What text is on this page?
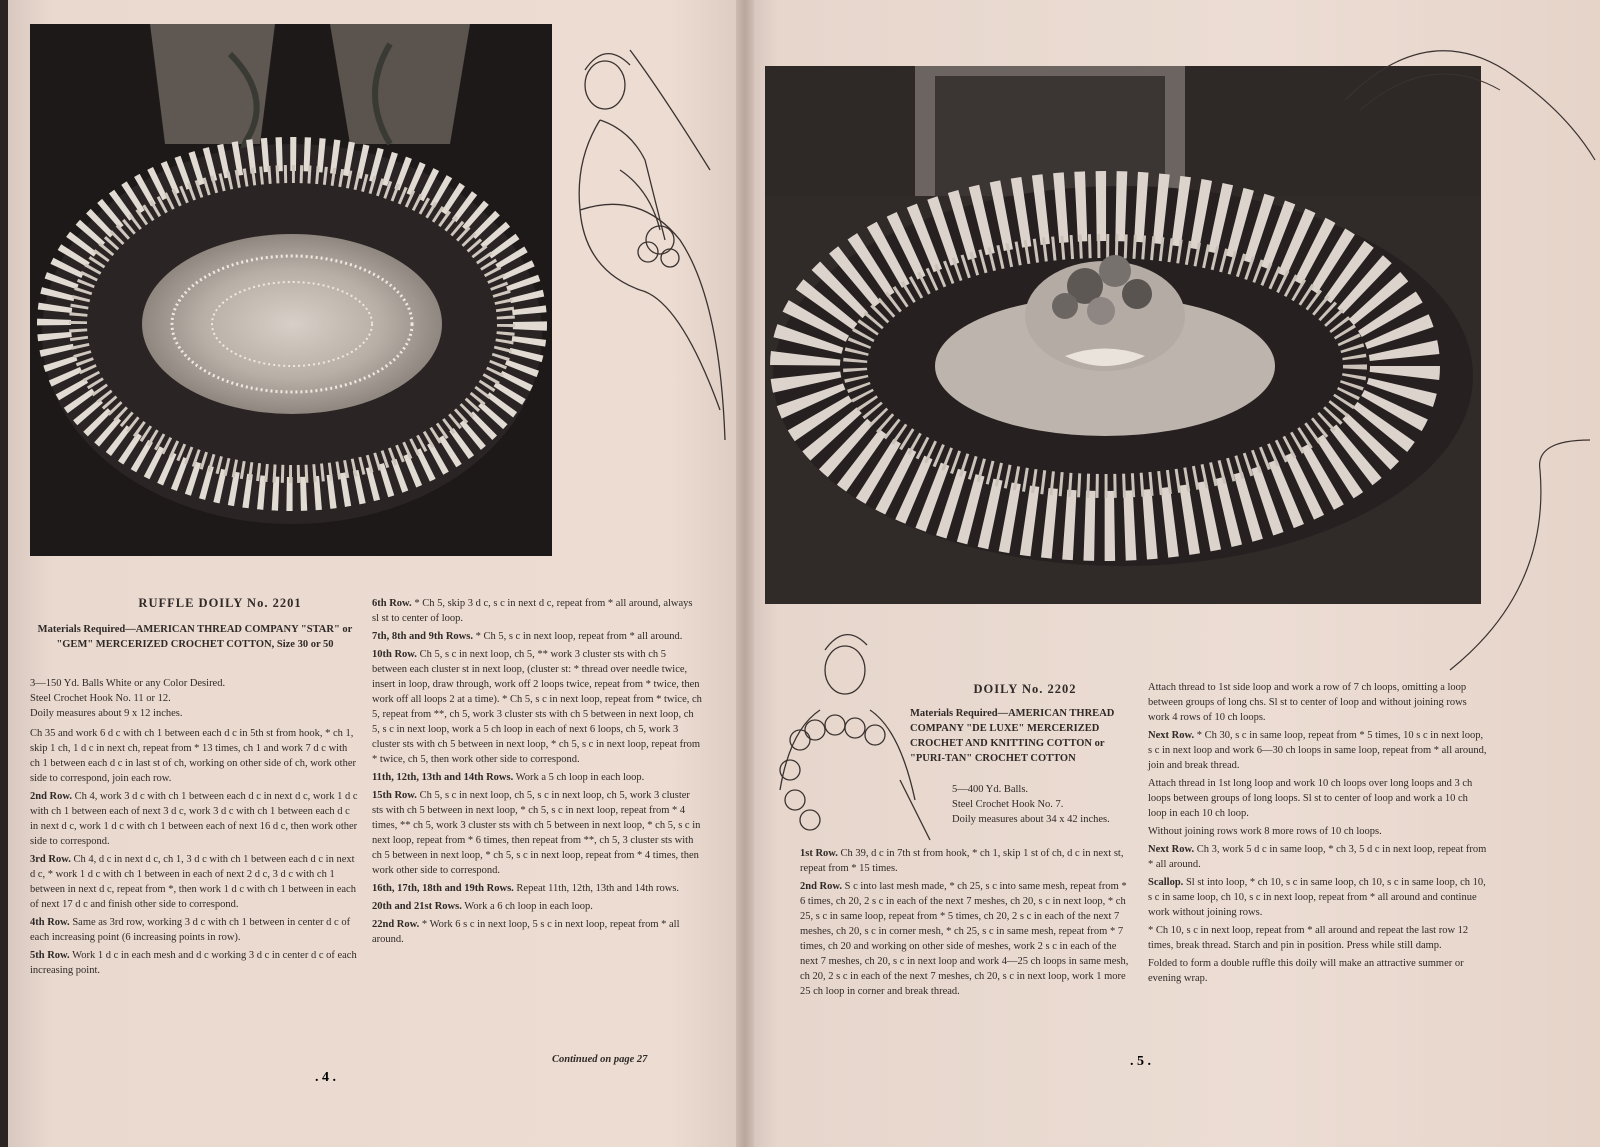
RUFFLE DOILY No. 2201
Materials Required—AMERICAN THREAD COMPANY "STAR" or "GEM" MERCERIZED CROCHET COTTON, Size 30 or 50
3—150 Yd. Balls White or any Color Desired.
Steel Crochet Hook No. 11 or 12.
Doily measures about 9 x 12 inches.

Ch 35 and work 6 d c with ch 1 between each d c in 5th st from hook, * ch 1, skip 1 ch, 1 d c in next ch, repeat from * 13 times, ch 1 and work 7 d c with ch 1 between each d c in last st of ch, working on other side of ch, work other side to correspond, join each row.

2nd Row. Ch 4, work 3 d c with ch 1 between each d c in next d c, work 1 d c with ch 1 between each of next 3 d c, work 3 d c with ch 1 between each d c in next d c, work 1 d c with ch 1 between each of next 16 d c, then work other side to correspond.

3rd Row. Ch 4, d c in next d c, ch 1, 3 d c with ch 1 between each d c in next d c, * work 1 d c with ch 1 between in each of next 2 d c, 3 d c with ch 1 between in next d c, repeat from *, then work 1 d c with ch 1 between in each of next 17 d c and finish other side to correspond.

4th Row. Same as 3rd row, working 3 d c with ch 1 between in center d c of each increasing point (6 increasing points in row).

5th Row. Work 1 d c in each mesh and d c working 3 d c in center d c of each increasing point.

6th Row. * Ch 5, skip 3 d c, s c in next d c, repeat from * all around, always sl st to center of loop.

7th, 8th and 9th Rows. * Ch 5, s c in next loop, repeat from * all around.

10th Row. Ch 5, s c in next loop, ch 5, ** work 3 cluster sts with ch 5 between each cluster st in next loop, (cluster st: * thread over needle twice, insert in loop, draw through, work off 2 loops twice, repeat from * twice, then work off all loops 2 at a time). * Ch 5, s c in next loop, repeat from * twice, ch 5, repeat from **, ch 5, work 3 cluster sts with ch 5 between in next loop, ch 5, s c in next loop, work a 5 ch loop in each of next 6 loops, ch 5, work 3 cluster sts with ch 5 between in next loop, * ch 5, s c in next loop, repeat from * twice, ch 5, then work other side to correspond.

11th, 12th, 13th and 14th Rows. Work a 5 ch loop in each loop.

15th Row. Ch 5, s c in next loop, ch 5, s c in next loop, ch 5, work 3 cluster sts with ch 5 between in next loop, * ch 5, s c in next loop, repeat from * 4 times, ** ch 5, work 3 cluster sts with ch 5 between in next loop, * ch 5, s c in next loop, repeat from * 6 times, then repeat from **, ch 5, 3 cluster sts with ch 5 between in next loop, * ch 5, s c in next loop, repeat from * 4 times, then work other side to correspond.

16th, 17th, 18th and 19th Rows. Repeat 11th, 12th, 13th and 14th rows.

20th and 21st Rows. Work a 6 ch loop in each loop.

22nd Row. * Work 6 s c in next loop, 5 s c in next loop, repeat from * all around.

Continued on page 27
. 4 .
DOILY No. 2202
Materials Required—AMERICAN THREAD COMPANY "DE LUXE" MERCERIZED CROCHET AND KNITTING COTTON or "PURI-TAN" CROCHET COTTON
5—400 Yd. Balls.
Steel Crochet Hook No. 7.
Doily measures about 34 x 42 inches.

1st Row. Ch 39, d c in 7th st from hook, * ch 1, skip 1 st of ch, d c in next st, repeat from * 15 times.

2nd Row. S c into last mesh made, * ch 25, s c into same mesh, repeat from * 6 times, ch 20, 2 s c in each of the next 7 meshes, ch 20, s c in next loop, * ch 25, s c in same loop, repeat from * 5 times, ch 20, 2 s c in each of the next 7 meshes, ch 20, s c in corner mesh, * ch 25, s c in same mesh, repeat from * 7 times, ch 20 and working on other side of meshes, work 2 s c in each of the next 7 meshes, ch 20, s c in next loop and work 4—25 ch loops in same mesh, ch 20, 2 s c in each of the next 7 meshes, ch 20, s c in next loop, work 1 more 25 ch loop in corner and break thread.

Attach thread to 1st side loop and work a row of 7 ch loops, omitting a loop between groups of long chs. Sl st to center of loop and without joining rows work 4 rows of 10 ch loops.

Next Row. * Ch 30, s c in same loop, repeat from * 5 times, 10 s c in next loop, s c in next loop and work 6—30 ch loops in same loop, repeat from * all around, join and break thread.

Attach thread in 1st long loop and work 10 ch loops over long loops and 3 ch loops between groups of long loops. Sl st to center of loop and work a 10 ch loop in each 10 ch loop.

Without joining rows work 8 more rows of 10 ch loops.

Next Row. Ch 3, work 5 d c in same loop, * ch 3, 5 d c in next loop, repeat from * all around.

Scallop. Sl st into loop, * ch 10, s c in same loop, ch 10, s c in same loop, ch 10, s c in same loop, ch 10, s c in next loop, repeat from * all around and continue work without joining rows.

* Ch 10, s c in next loop, repeat from * all around and repeat the last row 12 times, break thread. Starch and pin in position. Press while still damp.

Folded to form a double ruffle this doily will make an attractive summer or evening wrap.

. 5 .
